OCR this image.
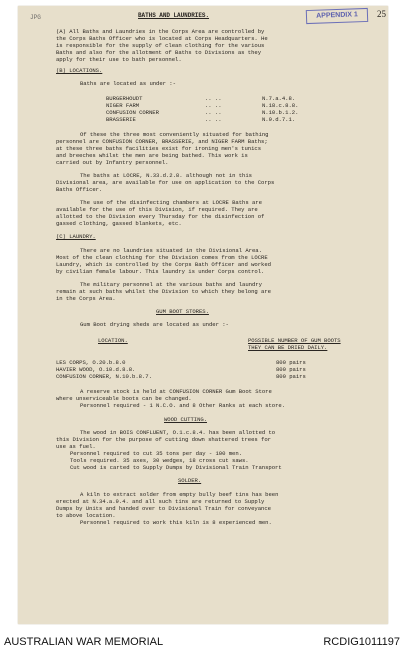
JPG	BATHS AND LAUNDRIES.	APPENDIX 1	25
(A) All Baths and Laundries in the Corps Area are controlled by
the Corps Baths Officer who is located at Corps Headquarters. He
is responsible for the supply of clean clothing for the various
Baths and also for the allotment of Baths to Divisions as they
apply for their use to bath personnel.
(B) LOCATIONS.
Baths are located as under :-
BURGERHOUDT	.. ..	N.7.a.4.8.
NIGER FARM	.. ..	N.18.c.8.8.
CONFUSION CORNER	.. ..	N.10.b.1.2.
BRASSERIE	.. ..	N.9.d.7.1.
Of these the three most conveniently situated for bathing
personnel are CONFUSION CORNER, BRASSERIE, and NIGER FARM Baths;
at these three baths facilities exist for ironing men's tunics
and breeches whilst the men are being bathed. This work is
carried out by Infantry personnel.
The baths at LOCRE, N.33.d.2.8. although not in this
Divisional area, are available for use on application to the Corps
Baths Officer.
The use of the disinfecting chambers at LOCRE Baths are
available for the use of this Division, if required. They are
allotted to the Division every Thursday for the disinfection of
gassed clothing, gassed blankets, etc.
(C) LAUNDRY.
There are no laundries situated in the Divisional Area.
Most of the clean clothing for the Division comes from the LOCRE
Laundry, which is controlled by the Corps Bath Officer and worked
by civilian female labour. This laundry is under Corps control.
The military personnel at the various baths and laundry
remain at such baths whilst the Division to which they belong are
in the Corps Area.
GUM BOOT STORES.
Gum Boot drying sheds are located as under :-
LOCATION.	POSSIBLE NUMBER OF GUM BOOTS
THEY CAN BE DRIED DAILY.
LES CORPS, O.20.b.8.0	800 pairs
HAVIER WOOD, O.10.d.8.8.	800 pairs
CONFUSION CORNER, N.10.b.8.7.	800 pairs
A reserve stock is held at CONFUSION CORNER Gum Boot Store
where unserviceable boots can be changed.
Personnel required - 1 N.C.O. and 8 Other Ranks at each store.
WOOD CUTTING.
The wood in BOIS CONFLUENT, O.1.c.8.4. has been allotted to
this Division for the purpose of cutting down shattered trees for
use as fuel.
Personnel required to cut 35 tons per day - 100 men.
Tools required. 35 axes, 30 wedges, 18 cross cut saws.
Cut wood is carted to Supply Dumps by Divisional Train Transport
SOLDER.
A kiln to extract solder from empty bully beef tins has been
erected at N.34.a.9.4. and all such tins are returned to Supply
Dumps by Units and handed over to Divisional Train for conveyance
to above location.
Personnel required to work this kiln is 8 experienced men.
AUSTRALIAN WAR MEMORIAL	RCDIG1011197
